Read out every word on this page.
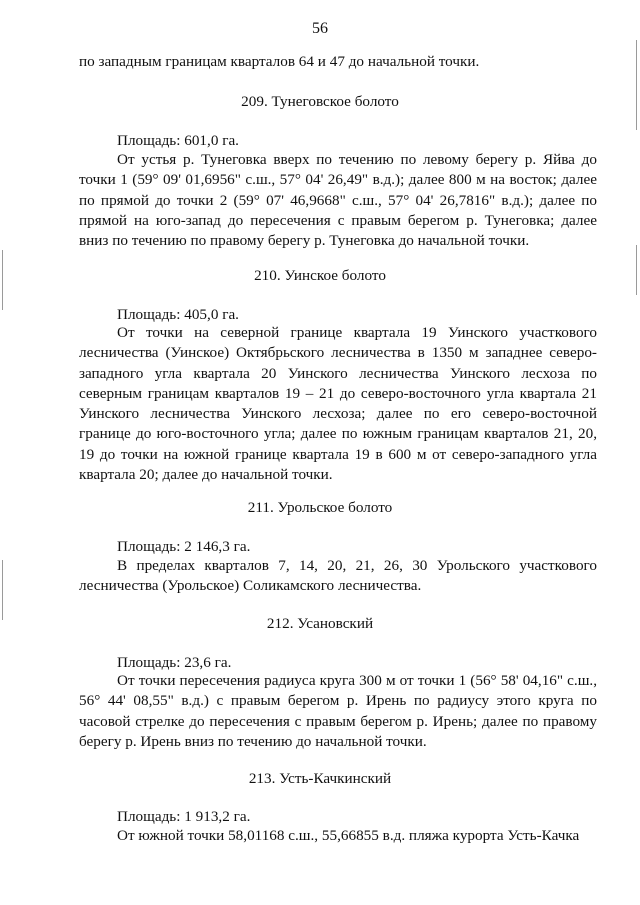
56
по западным границам кварталов 64 и 47 до начальной точки.
209. Тунеговское болото
Площадь: 601,0 га.
От устья р. Тунеговка вверх по течению по левому берегу р. Яйва до точки 1 (59° 09' 01,6956" с.ш., 57° 04' 26,49" в.д.); далее 800 м на восток; далее по прямой до точки 2 (59° 07' 46,9668" с.ш., 57° 04' 26,7816" в.д.); далее по прямой на юго-запад до пересечения с правым берегом р. Тунеговка; далее вниз по течению по правому берегу р. Тунеговка до начальной точки.
210. Уинское болото
Площадь: 405,0 га.
От точки на северной границе квартала 19 Уинского участкового лесничества (Уинское) Октябрьского лесничества в 1350 м западнее северо-западного угла квартала 20 Уинского лесничества Уинского лесхоза по северным границам кварталов 19 – 21 до северо-восточного угла квартала 21 Уинского лесничества Уинского лесхоза; далее по его северо-восточной границе до юго-восточного угла; далее по южным границам кварталов 21, 20, 19 до точки на южной границе квартала 19 в 600 м от северо-западного угла квартала 20; далее до начальной точки.
211. Урольское болото
Площадь: 2 146,3 га.
В пределах кварталов 7, 14, 20, 21, 26, 30 Урольского участкового лесничества (Урольское) Соликамского лесничества.
212. Усановский
Площадь: 23,6 га.
От точки пересечения радиуса круга 300 м от точки 1 (56° 58' 04,16" с.ш., 56° 44' 08,55" в.д.) с правым берегом р. Ирень по радиусу этого круга по часовой стрелке до пересечения с правым берегом р. Ирень; далее по правому берегу р. Ирень вниз по течению до начальной точки.
213. Усть-Качкинский
Площадь: 1 913,2 га.
От южной точки 58,01168 с.ш., 55,66855 в.д. пляжа курорта Усть-Качка
